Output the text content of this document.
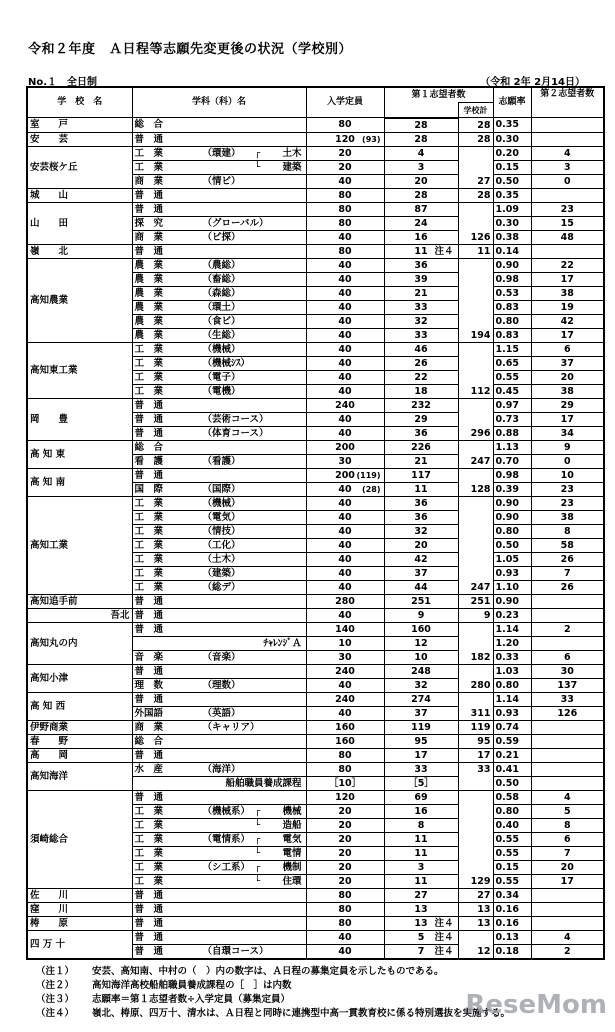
令和２年度　Ａ日程等志願先変更後の状況（学校別）
No.１　全日制	（令和 2年 2月14日）
学　校　名	学科（科）名	入学定員	第１志望者数		志願率	第２志望者数
				学校計		
室　　戸	総　合	80	28	28	0.35	
安　　芸	普　通	120 (93)	28	28	0.30	
安芸桜ケ丘	工　業 （環建） ┌ 土木	20	4	27	0.20	4
	工　業 └ 建築	20	3		0.15	3
	商　業 （情ビ）	40	20		0.50	0
城　　山	普　通	80	28	28	0.35	
山　　田	普　通	80	87	126	1.09	23
	探　究 （グローバル）	80	24		0.30	15
	商　業 （ビ探）	40	16		0.38	48
嶺　　北	普　通	80	11 注４	11	0.14	
高知農業	農　業 （農総）	40	36	194	0.90	22
	農　業 （畜総）	40	39		0.98	17
	農　業 （森総）	40	21		0.53	38
	農　業 （環土）	40	33		0.83	19
	農　業 （食ビ）	40	32		0.80	42
	農　業 （生総）	40	33		0.83	17
高知東工業	工　業 （機械）	40	46	112	1.15	6
	工　業 （機械ｼｽ）	40	26		0.65	37
	工　業 （電子）	40	22		0.55	20
	工　業 （電機）	40	18		0.45	38
岡　　豊	普　通	240	232	296	0.97	29
	普　通 （芸術コース）	40	29		0.73	17
	普　通 （体育コース）	40	36		0.88	34
高 知 東	総　合	200	226	247	1.13	9
	看　護 （看護）	30	21		0.70	0
高 知 南	普　通	200 (119)	117	128	0.98	10
	国　際 （国際）	40 (28)	11		0.39	23
高知工業	工　業 （機械）	40	36	247	0.90	23
	工　業 （電気）	40	36		0.90	38
	工　業 （情技）	40	32		0.80	8
	工　業 （工化）	40	20		0.50	58
	工　業 （土木）	40	42		1.05	26
	工　業 （建築）	40	37		0.93	7
	工　業 （総デ）	40	44		1.10	26
高知追手前	普　通	280	251	251	0.90	
吾北	普　通	40	9	9	0.23	
高知丸の内	普　通	140	160	182	1.14	2

	ﾁｬﾚﾝｼﾞＡ	10	12		1.20	
	音　楽 （音楽）	30	10		0.33	6
高知小津	普　通	240	248	280	1.03	30
	理　数 （理数）	40	32		0.80	137
高 知 西	普　通	240	274	311	1.14	33
	外国語 （英語）	40	37		0.93	126
伊野商業	商　業 （キャリア）	160	119	119	0.74	
春　　野	総　合	160	95	95	0.59	
高　　岡	普　通	80	17	17	0.21	
高知海洋	水　産 （海洋）	80	33	33	0.41	

	船舶職員養成課程	［10］	［5］		0.50	
須崎総合	普　通	120	69	129	0.58	4
	工　業 （機械系） ┌ 機械	20	16		0.80	5
	工　業 └ 造船	20	8		0.40	8
	工　業 （電情系） ┌ 電気	20	11		0.55	6
	工　業 └ 電情	20	11		0.55	7
	工　業 （シ工系） ┌ 機制	20	3		0.15	20
	工　業 └ 住環	20	11		0.55	17
佐　　川	普　通	80	27	27	0.34	
窪　　川	普　通	80	13	13	0.16	
梼　　原	普　通	80	13 注４	13	0.16	
四 万 十	普　通	40	5 注４	12	0.13	4
	普　通 （自環コース）	40	7 注４		0.18	2
（注１） 安芸、高知南、中村の（　）内の数字は、Ａ日程の募集定員を示したものである。
（注２） 高知海洋高校船舶職員養成課程の［　］は内数
（注３） 志願率＝第１志望者数÷入学定員（募集定員）
（注４） 嶺北、梼原、四万十、清水は、Ａ日程と同時に連携型中高一貫教育校に係る特別選抜を実施する。
ReseMom
